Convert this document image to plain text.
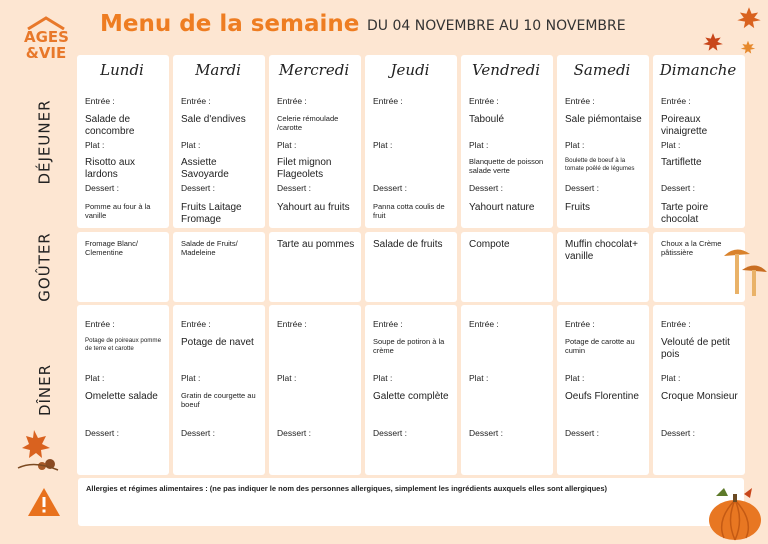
AGES
&VIE
Menu de la semaine DU 04 NOVEMBRE AU 10 NOVEMBRE
DÉJEUNER
GOÛTER
DÎNER
Lundi
Entrée :
Salade de concombre
Plat :
Risotto aux lardons
Dessert :
Pomme au four à la vanille
Fromage Blanc/ Clementine
Entrée :
Potage de poireaux pomme de terre et carotte
Plat :
Omelette salade
Dessert :
Mardi
Entrée :
Sale d'endives
Plat :
Assiette Savoyarde
Dessert :
Fruits Laitage Fromage
Salade de Fruits/ Madeleine
Entrée :
Potage de navet
Plat :
Gratin de courgette au boeuf
Dessert :
Mercredi
Entrée :
Celerie rémoulade /carotte
Plat :
Filet mignon Flageolets
Dessert :
Yahourt au fruits
Tarte au pommes
Entrée :
Plat :
Dessert :
Jeudi
Entrée :
Plat :
Dessert :
Panna cotta coulis de fruit
Salade de fruits
Entrée :
Soupe de potiron à la crème
Plat :
Galette complète
Dessert :
Vendredi
Entrée :
Taboulé
Plat :
Blanquette de poisson salade verte
Dessert :
Yahourt nature
Compote
Entrée :
Plat :
Dessert :
Samedi
Entrée :
Sale piémontaise
Plat :
Boulette de boeuf à la tomate poêlé de légumes
Dessert :
Fruits
Muffin chocolat+ vanille
Entrée :
Potage de carotte au cumin
Plat :
Oeufs Florentine
Dessert :
Dimanche
Entrée :
Poireaux vinaigrette
Plat :
Tartiflette
Dessert :
Tarte poire chocolat
Choux a la Crème pâtissière
Entrée :
Velouté de petit pois
Plat :
Croque Monsieur
Dessert :
Allergies et régimes alimentaires : (ne pas indiquer le nom des personnes allergiques, simplement les ingrédients auxquels elles sont allergiques)
